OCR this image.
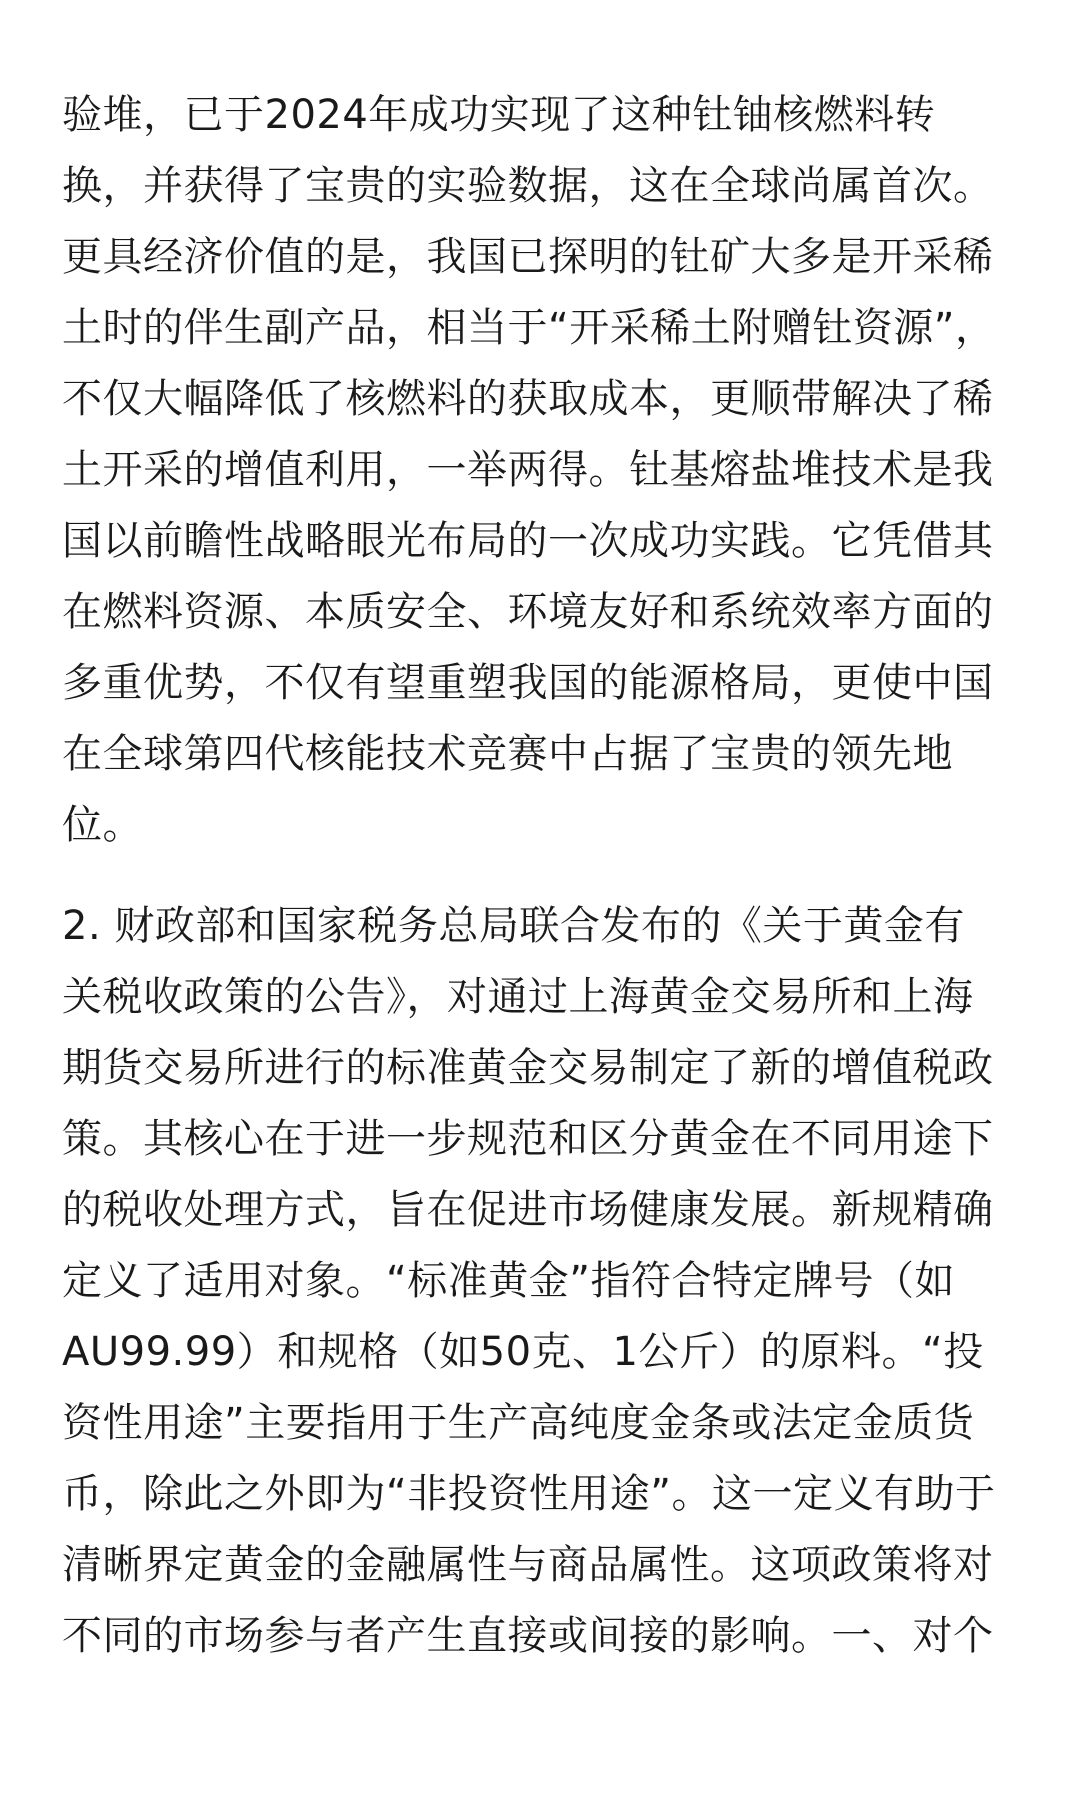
验堆，已于2024年成功实现了这种钍铀核燃料转
换，并获得了宝贵的实验数据，这在全球尚属首次。
更具经济价值的是，我国已探明的钍矿大多是开采稀
土时的伴生副产品，相当于“开采稀土附赠钍资源”，
不仅大幅降低了核燃料的获取成本，更顺带解决了稀
土开采的增值利用，一举两得。钍基熔盐堆技术是我
国以前瞻性战略眼光布局的一次成功实践。它凭借其
在燃料资源、本质安全、环境友好和系统效率方面的
多重优势，不仅有望重塑我国的能源格局，更使中国
在全球第四代核能技术竞赛中占据了宝贵的领先地
位。
2. 财政部和国家税务总局联合发布的《关于黄金有
关税收政策的公告》，对通过上海黄金交易所和上海
期货交易所进行的标准黄金交易制定了新的增值税政
策。其核心在于进一步规范和区分黄金在不同用途下
的税收处理方式，旨在促进市场健康发展。新规精确
定义了适用对象。“标准黄金”指符合特定牌号（如
AU99.99）和规格（如50克、1公斤）的原料。“投
资性用途”主要指用于生产高纯度金条或法定金质货
币，除此之外即为“非投资性用途”。这一定义有助于
清晰界定黄金的金融属性与商品属性。这项政策将对
不同的市场参与者产生直接或间接的影响。一、对个
